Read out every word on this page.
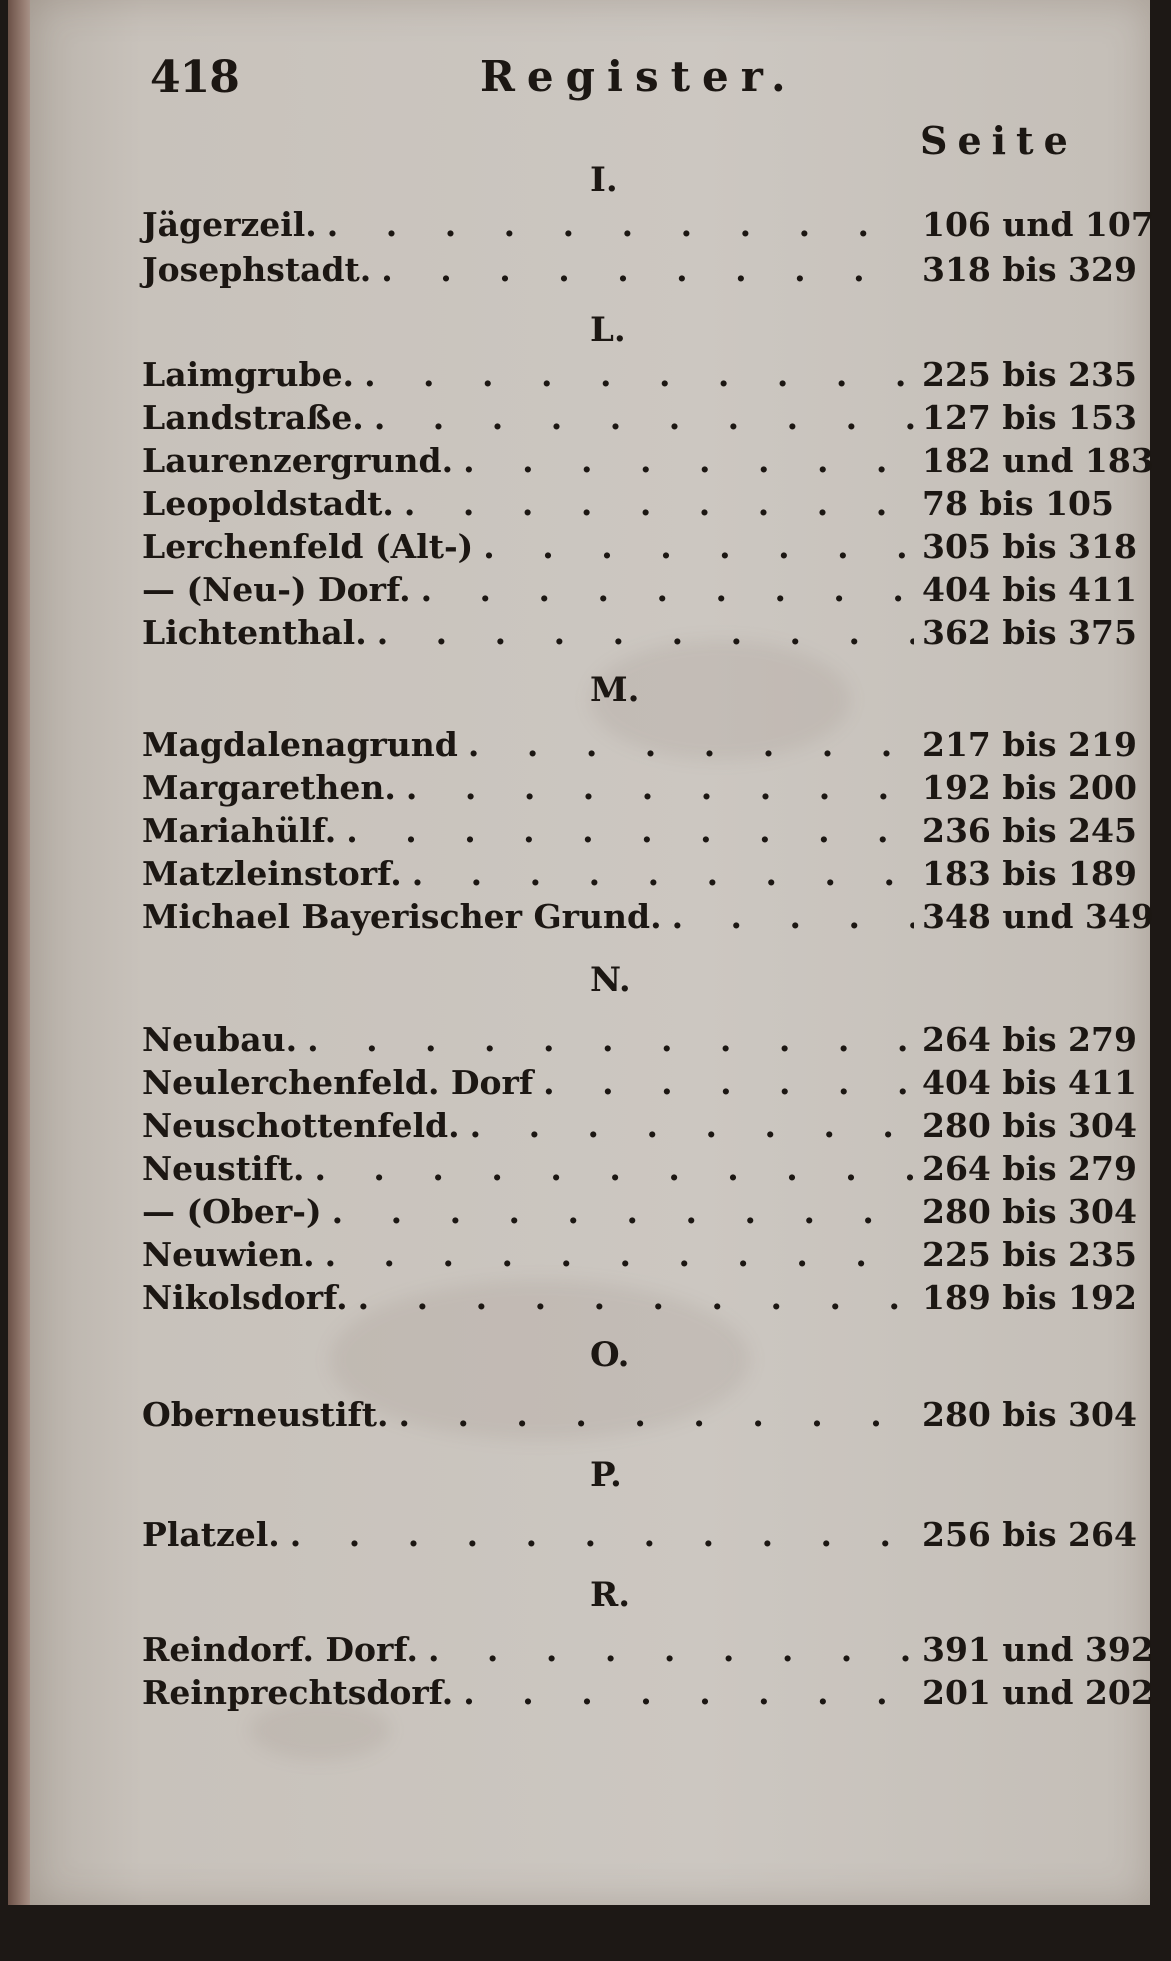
418	Register.
Seite
I.
Jägerzeil. . . .	106 und 107
Josephstadt. . . .	318 bis 329
L.
Laimgrube. . . .	225 bis 235
Landstraße. . . .	127 bis 153
Laurenzergrund. . . .	182 und 183
Leopoldstadt. . . .	78 bis 105
Lerchenfeld (Alt-) . . .	305 bis 318
— (Neu-) Dorf. . . .	404 bis 411
Lichtenthal. . . .	362 bis 375
M.
Magdalenagrund . . .	217 bis 219
Margarethen. . . .	192 bis 200
Mariahülf. . . .	236 bis 245
Matzleinstorf. . . .	183 bis 189
Michael Bayerischer Grund. . . .	348 und 349
N.
Neubau. . . .	264 bis 279
Neulerchenfeld. Dorf . . .	404 bis 411
Neuschottenfeld. . . .	280 bis 304
Neustift. . . .	264 bis 279
— (Ober-) . . .	280 bis 304
Neuwien. . . .	225 bis 235
Nikolsdorf. . . .	189 bis 192
O.
Oberneustift. . . .	280 bis 304
P.
Platzel. . . .	256 bis 264
R.
Reindorf. Dorf. . . .	391 und 392
Reinprechtsdorf. . . .	201 und 202
